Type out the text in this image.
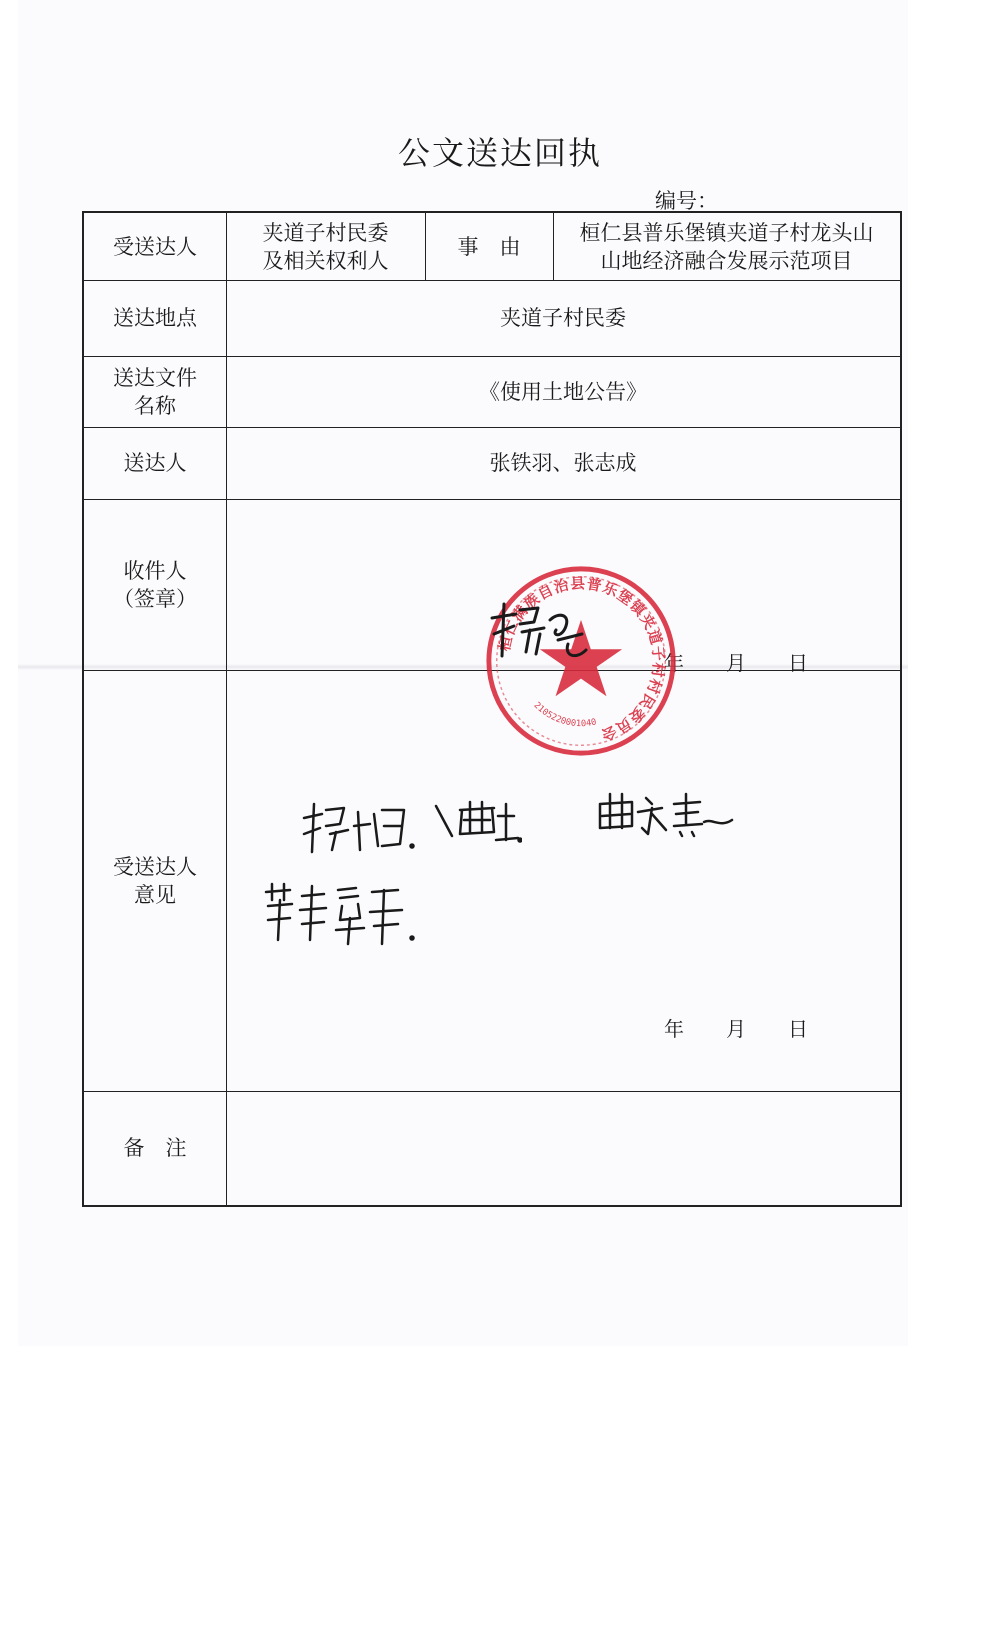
公文送达回执
编号：
受送达人
夹道子村民委
及相关权利人
事　由
桓仁县普乐堡镇夹道子村龙头山
山地经济融合发展示范项目
送达地点	夹道子村民委
送达文件
名称
《使用土地公告》
送达人	张铁羽、张志成
收件人
（签章）
年 月 日
受送达人
意见
年 月 日
备　注
桓仁满族自治县普乐堡镇夹道子村村民委员会
2105220001040
